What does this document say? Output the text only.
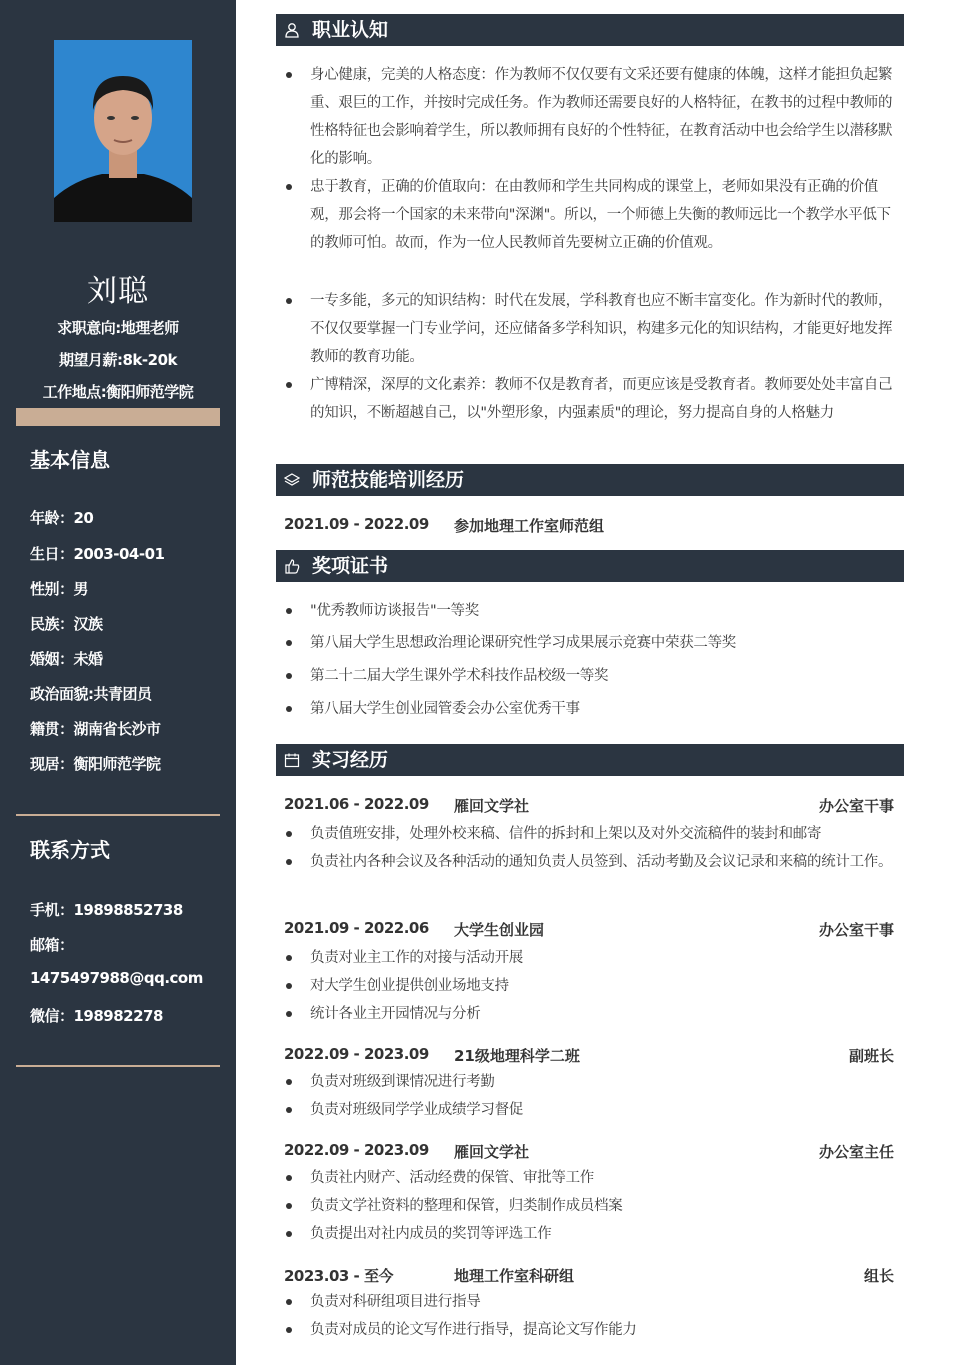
刘聪
求职意向:地理老师
期望月薪:8k-20k
工作地点:衡阳师范学院
基本信息
年龄：20
生日：2003-04-01
性别：男
民族：汉族
婚姻：未婚
政治面貌:共青团员
籍贯：湖南省长沙市
现居：衡阳师范学院
联系方式
手机：19898852738
邮箱：
1475497988@qq.com
微信：198982278
职业认知
身心健康，完美的人格态度：作为教师不仅仅要有文采还要有健康的体魄，这样才能担负起繁重、艰巨的工作，并按时完成任务。作为教师还需要良好的人格特征，在教书的过程中教师的性格特征也会影响着学生，所以教师拥有良好的个性特征，在教育活动中也会给学生以潜移默化的影响。
忠于教育，正确的价值取向：在由教师和学生共同构成的课堂上，老师如果没有正确的价值观，那会将一个国家的未来带向"深渊"。所以，一个师德上失衡的教师远比一个教学水平低下的教师可怕。故而，作为一位人民教师首先要树立正确的价值观。
一专多能，多元的知识结构：时代在发展，学科教育也应不断丰富变化。作为新时代的教师，不仅仅要掌握一门专业学问，还应储备多学科知识，构建多元化的知识结构，才能更好地发挥教师的教育功能。
广博精深，深厚的文化素养：教师不仅是教育者，而更应该是受教育者。教师要处处丰富自己的知识，不断超越自己，以"外塑形象，内强素质"的理论，努力提高自身的人格魅力
师范技能培训经历
2021.09 - 2022.09 参加地理工作室师范组
奖项证书
"优秀教师访谈报告"一等奖
第八届大学生思想政治理论课研究性学习成果展示竞赛中荣获二等奖
第二十二届大学生课外学术科技作品校级一等奖
第八届大学生创业园管委会办公室优秀干事
实习经历
2021.06 - 2022.09 雁回文学社	办公室干事
负责值班安排，处理外校来稿、信件的拆封和上架以及对外交流稿件的装封和邮寄
负责社内各种会议及各种活动的通知负责人员签到、活动考勤及会议记录和来稿的统计工作。
2021.09 - 2022.06 大学生创业园	办公室干事
负责对业主工作的对接与活动开展
对大学生创业提供创业场地支持
统计各业主开园情况与分析
2022.09 - 2023.09 21级地理科学二班	副班长
负责对班级到课情况进行考勤
负责对班级同学学业成绩学习督促
2022.09 - 2023.09 雁回文学社	办公室主任
负责社内财产、活动经费的保管、审批等工作
负责文学社资料的整理和保管，归类制作成员档案
负责提出对社内成员的奖罚等评选工作
2023.03 - 至今	地理工作室科研组	组长
负责对科研组项目进行指导
负责对成员的论文写作进行指导，提高论文写作能力
